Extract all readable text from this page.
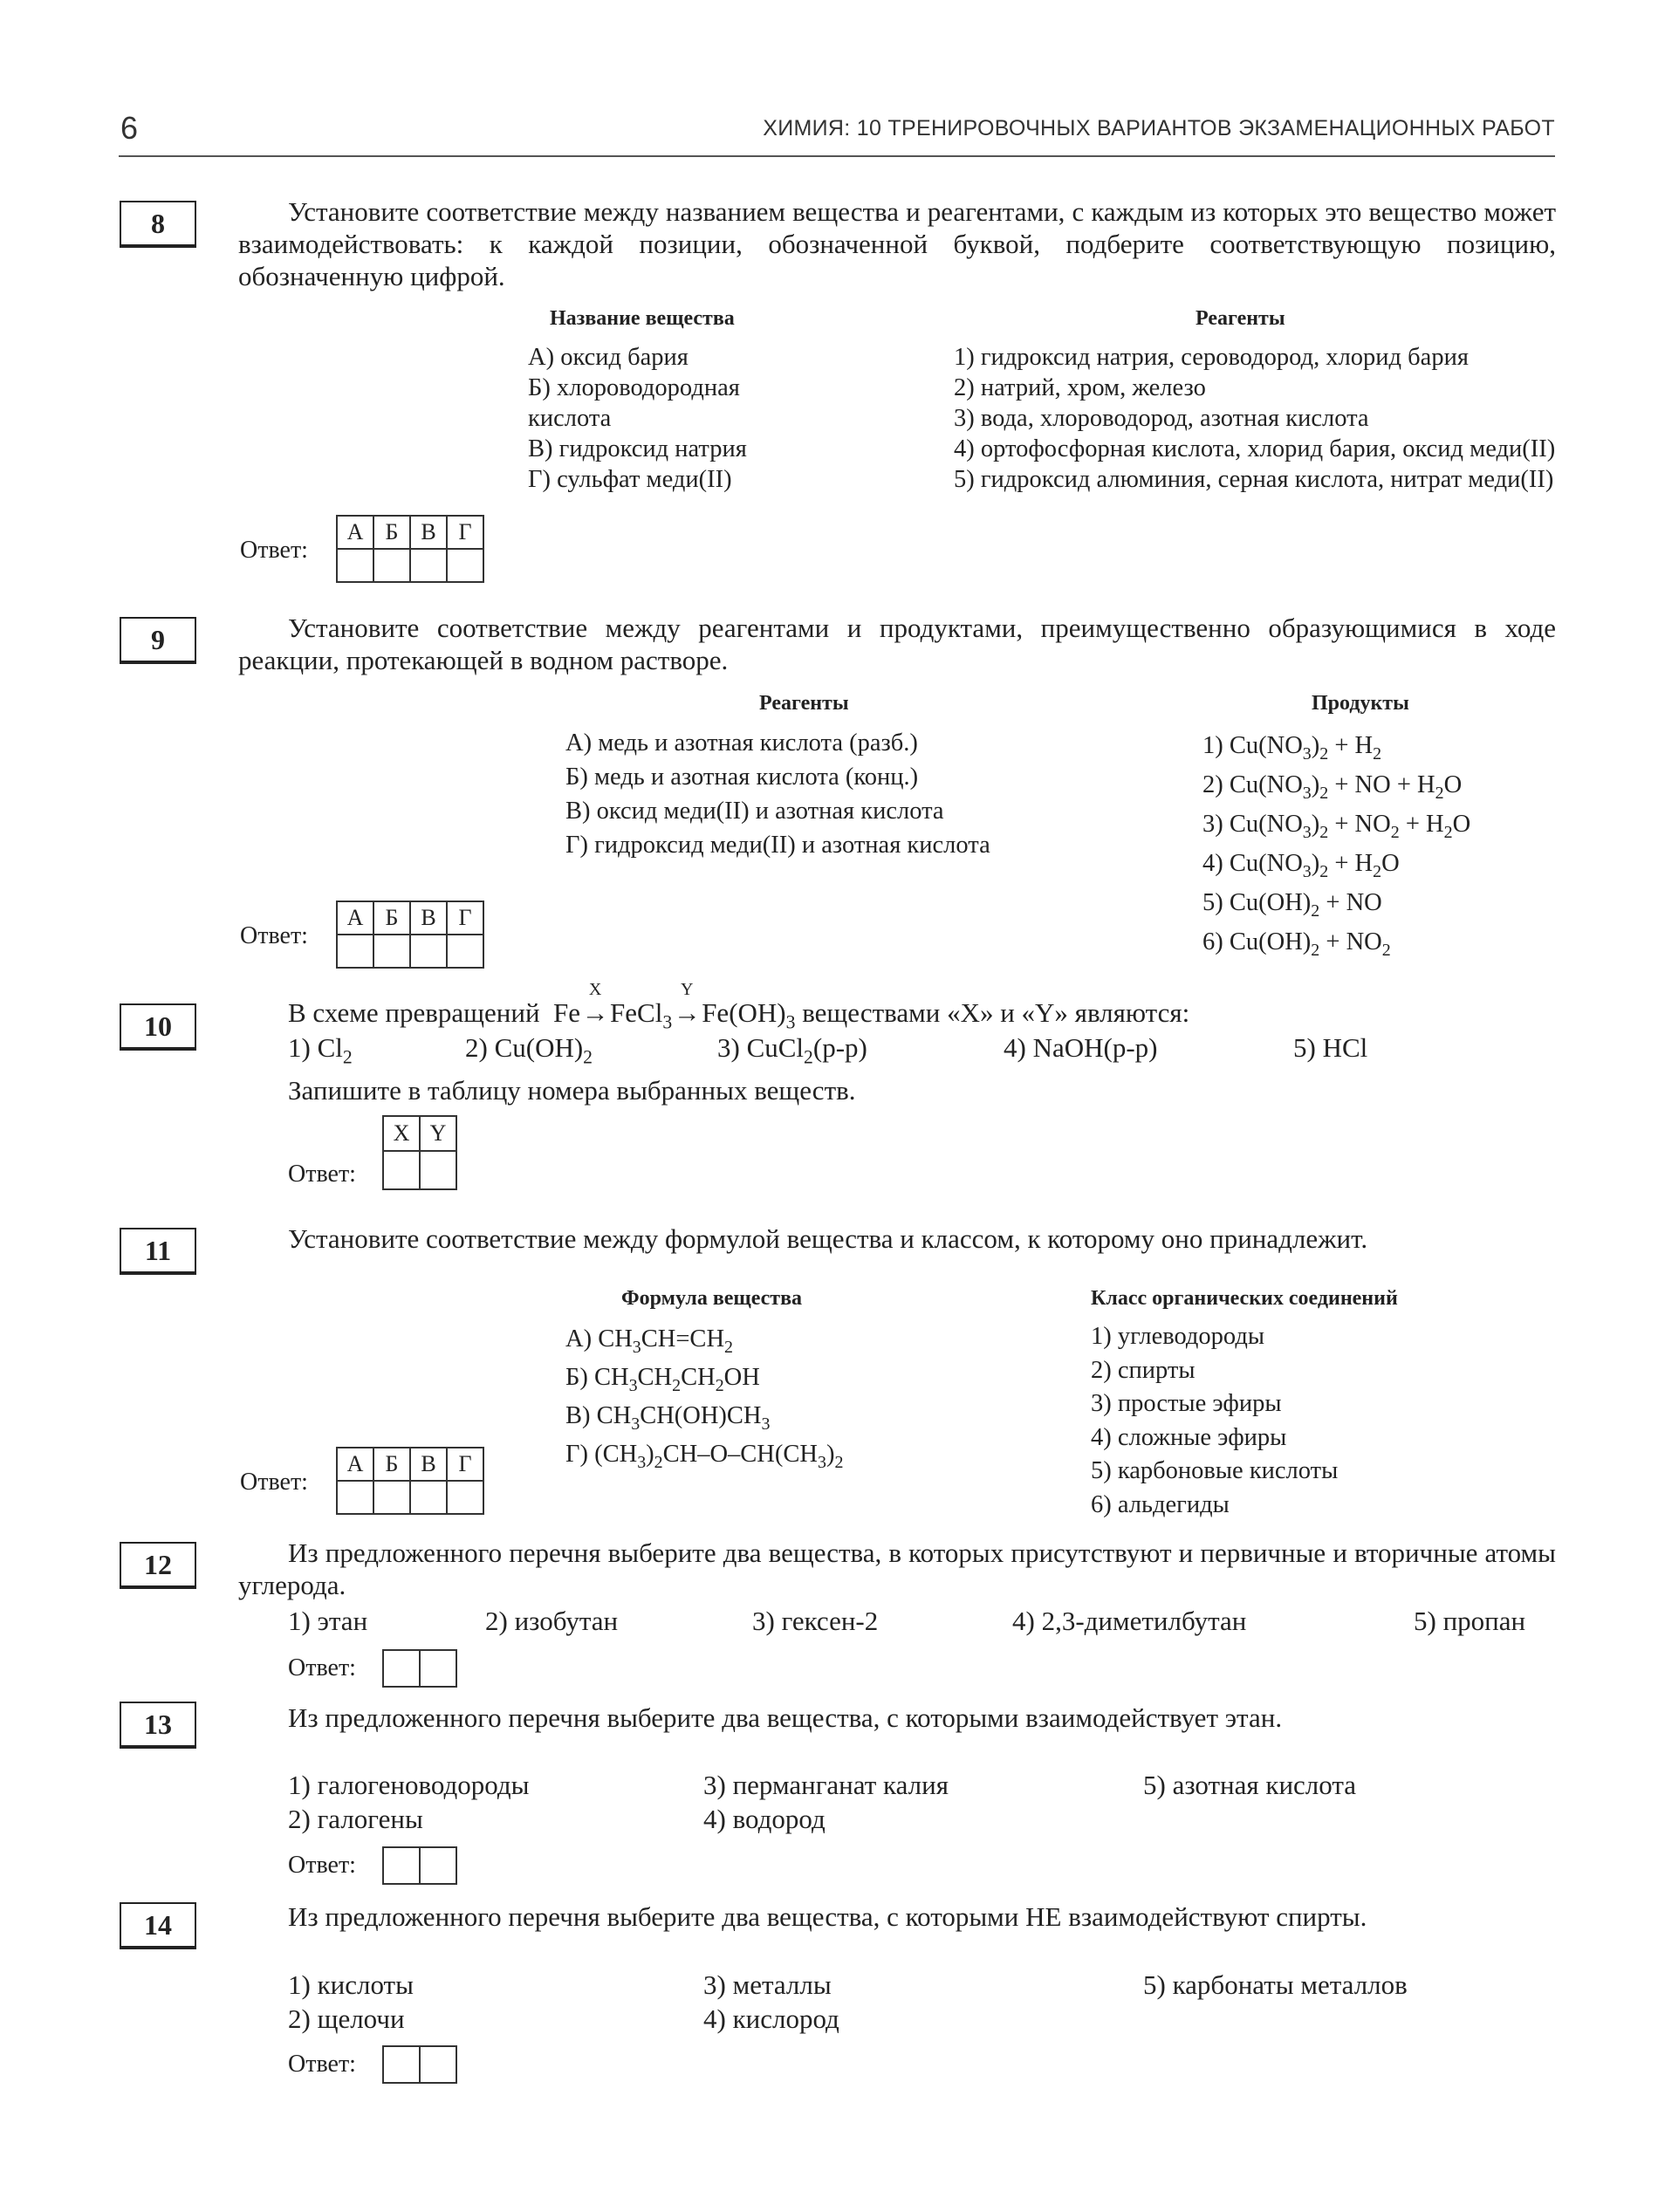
6	ХИМИЯ: 10 ТРЕНИРОВОЧНЫХ ВАРИАНТОВ ЭКЗАМЕНАЦИОННЫХ РАБОТ
8	Установите соответствие между названием вещества и реагентами, с каждым из которых это вещество может взаимодействовать: к каждой позиции, обозначенной буквой, подберите соответствующую позицию, обозначенную цифрой.
Название вещества	Реагенты
А) оксид бария
Б) хлороводородная кислота
В) гидроксид натрия
Г) сульфат меди(II)
1) гидроксид натрия, сероводород, хлорид бария
2) натрий, хром, железо
3) вода, хлороводород, азотная кислота
4) ортофосфорная кислота, хлорид бария, оксид меди(II)
5) гидроксид алюминия, серная кислота, нитрат меди(II)
Ответ:
А	Б	В	Г

9	Установите соответствие между реагентами и продуктами, преимущественно образующимися в ходе реакции, протекающей в водном растворе.
Реагенты	Продукты
А) медь и азотная кислота (разб.)
Б) медь и азотная кислота (конц.)
В) оксид меди(II) и азотная кислота
Г) гидроксид меди(II) и азотная кислота
1) $Cu(NO_3)_2 + H_2$
2) $Cu(NO_3)_2$ + NO + $H_2O$
3) $Cu(NO_3)_2 + NO_2 + H_2O$
4) $Cu(NO_3)_2 + H_2O$
5) $Cu(OH)_2$ + NO
6) $Cu(OH)_2 + NO_2$
Ответ:
А	Б	В	Г

10	В схеме превращений Fe
X
→FeCl$_3$
Y
$\to Fe(OH)_3$ веществами «X» и «Y» являются:
1) $Cl_2$	2) $Cu(OH)_2$	3) CuCl$_2$(р-р)	4) NaOH(р-р)	5) HCl
Запишите в таблицу номера выбранных веществ.
Ответ:
X	Y

11	Установите соответствие между формулой вещества и классом, к которому оно принадлежит.
Формула вещества	Класс органических соединений
А) $CH_3CH=CH_2$
Б) $CH_3CH_2CH_2OH$
В) $CH_3CH(OH)CH_3$
Г) $(CH_3)_2CH-O-CH(CH_3)_2$
1) углеводороды
2) спирты
3) простые эфиры
4) сложные эфиры
5) карбоновые кислоты
6) альдегиды
Ответ:
А	Б	В	Г

12	Из предложенного перечня выберите два вещества, в которых присутствуют и первичные и вторичные атомы углерода.
1) этан	2) изобутан	3) гексен-2	4) 2,3-диметилбутан	5) пропан
Ответ:

13	Из предложенного перечня выберите два вещества, с которыми взаимодействует этан.
1) галогеноводороды
2) галогены
3) перманганат калия
4) водород
5) азотная кислота
Ответ:

14	Из предложенного перечня выберите два вещества, с которыми НЕ взаимодействуют спирты.
1) кислоты
2) щелочи
3) металлы
4) кислород
5) карбонаты металлов
Ответ:
